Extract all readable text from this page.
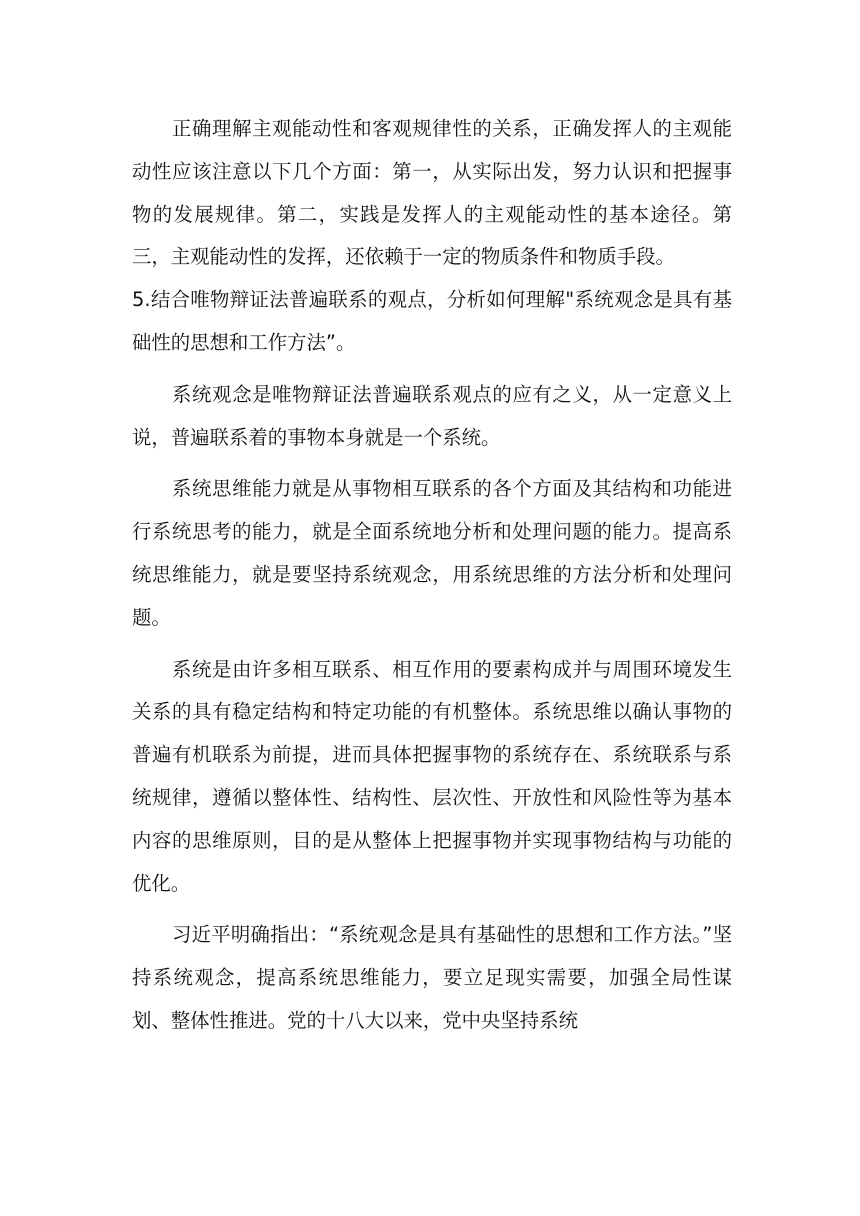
正确理解主观能动性和客观规律性的关系，正确发挥人的主观能动性应该注意以下几个方面：第一，从实际出发，努力认识和把握事物的发展规律。第二，实践是发挥人的主观能动性的基本途径。第三，主观能动性的发挥，还依赖于一定的物质条件和物质手段。

5.结合唯物辩证法普遍联系的观点，分析如何理解"系统观念是具有基础性的思想和工作方法”。

系统观念是唯物辩证法普遍联系观点的应有之义，从一定意义上说，普遍联系着的事物本身就是一个系统。

系统思维能力就是从事物相互联系的各个方面及其结构和功能进行系统思考的能力，就是全面系统地分析和处理问题的能力。提高系统思维能力，就是要坚持系统观念，用系统思维的方法分析和处理问题。

系统是由许多相互联系、相互作用的要素构成并与周围环境发生关系的具有稳定结构和特定功能的有机整体。系统思维以确认事物的普遍有机联系为前提，进而具体把握事物的系统存在、系统联系与系统规律，遵循以整体性、结构性、层次性、开放性和风险性等为基本内容的思维原则，目的是从整体上把握事物并实现事物结构与功能的优化。

习近平明确指出：“系统观念是具有基础性的思想和工作方法。”坚持系统观念，提高系统思维能力，要立足现实需要，加强全局性谋划、整体性推进。党的十八大以来，党中央坚持系统
